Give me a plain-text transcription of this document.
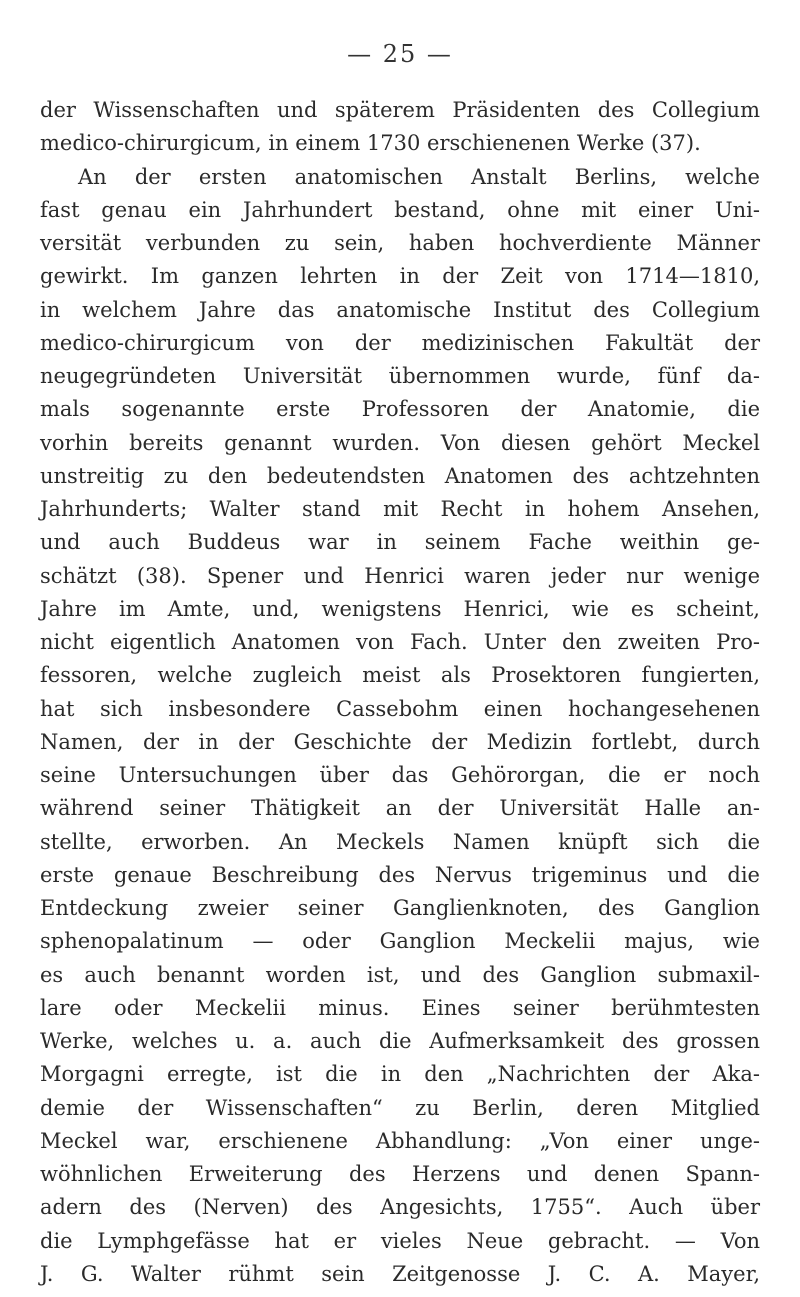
— 25 —
der Wissenschaften und späterem Präsidenten des Collegium
medico-chirurgicum, in einem 1730 erschienenen Werke (37).
An der ersten anatomischen Anstalt Berlins, welche
fast genau ein Jahrhundert bestand, ohne mit einer Uni-
versität verbunden zu sein, haben hochverdiente Männer
gewirkt. Im ganzen lehrten in der Zeit von 1714—1810,
in welchem Jahre das anatomische Institut des Collegium
medico-chirurgicum von der medizinischen Fakultät der
neugegründeten Universität übernommen wurde, fünf da-
mals sogenannte erste Professoren der Anatomie, die
vorhin bereits genannt wurden. Von diesen gehört Meckel
unstreitig zu den bedeutendsten Anatomen des achtzehnten
Jahrhunderts; Walter stand mit Recht in hohem Ansehen,
und auch Buddeus war in seinem Fache weithin ge-
schätzt (38). Spener und Henrici waren jeder nur wenige
Jahre im Amte, und, wenigstens Henrici, wie es scheint,
nicht eigentlich Anatomen von Fach. Unter den zweiten Pro-
fessoren, welche zugleich meist als Prosektoren fungierten,
hat sich insbesondere Cassebohm einen hochangesehenen
Namen, der in der Geschichte der Medizin fortlebt, durch
seine Untersuchungen über das Gehörorgan, die er noch
während seiner Thätigkeit an der Universität Halle an-
stellte, erworben. An Meckels Namen knüpft sich die
erste genaue Beschreibung des Nervus trigeminus und die
Entdeckung zweier seiner Ganglienknoten, des Ganglion
sphenopalatinum — oder Ganglion Meckelii majus, wie
es auch benannt worden ist, und des Ganglion submaxil-
lare oder Meckelii minus. Eines seiner berühmtesten
Werke, welches u. a. auch die Aufmerksamkeit des grossen
Morgagni erregte, ist die in den „Nachrichten der Aka-
demie der Wissenschaften“ zu Berlin, deren Mitglied
Meckel war, erschienene Abhandlung: „Von einer unge-
wöhnlichen Erweiterung des Herzens und denen Spann-
adern des (Nerven) des Angesichts, 1755“. Auch über
die Lymphgefässe hat er vieles Neue gebracht. — Von
J. G. Walter rühmt sein Zeitgenosse J. C. A. Mayer,
